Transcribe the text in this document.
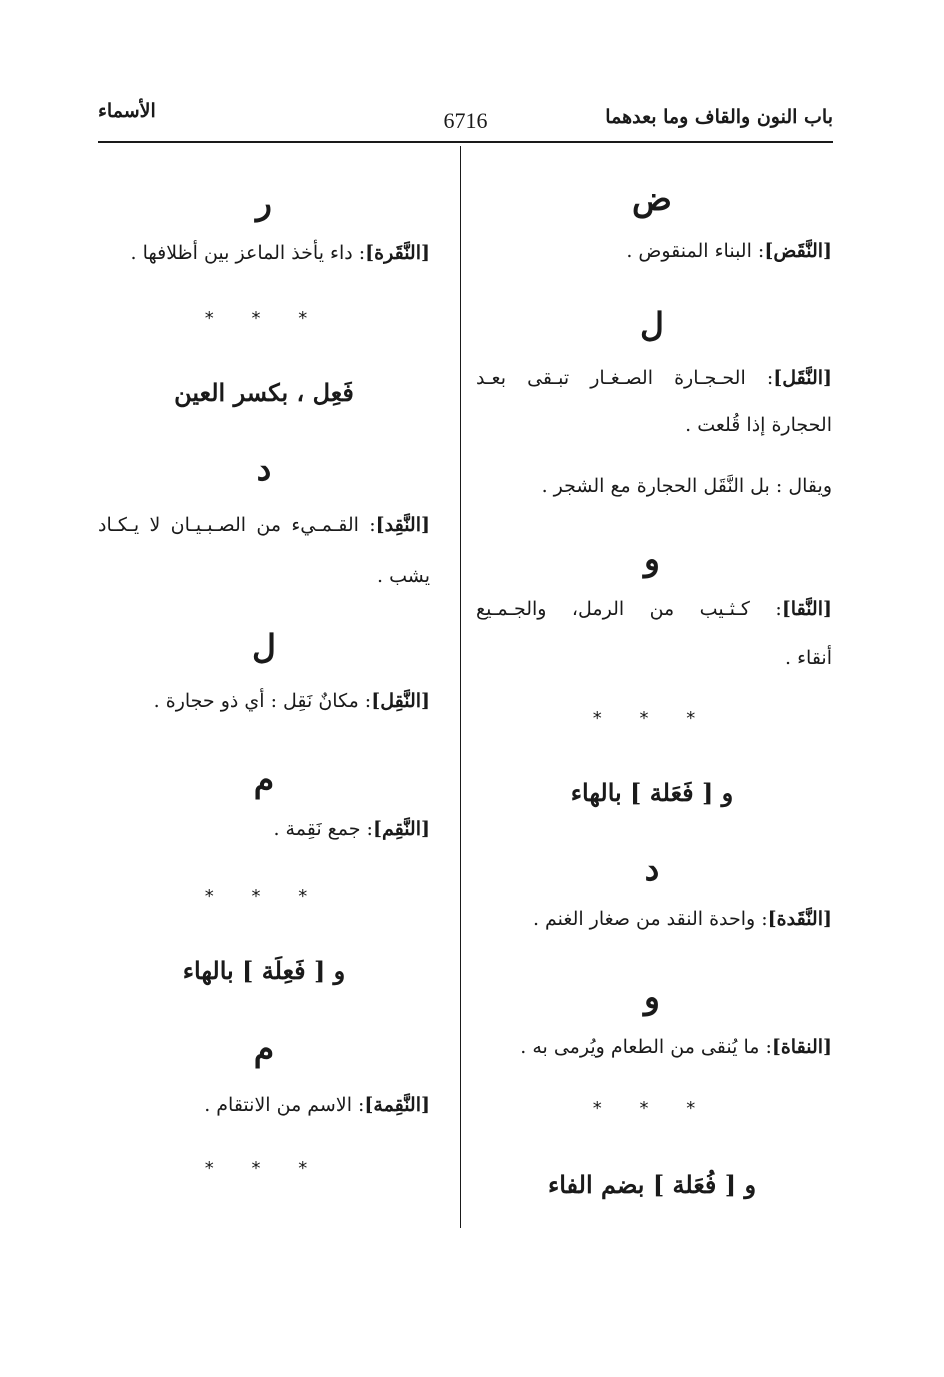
باب النون والقاف وما بعدهما
6716
الأسماء
ض
[النَّقَض]: البناء المنقوض .
ل
[النَّقَل]: الحـجـارة الصـغـار تبـقى بعـد
الحجارة إذا قُلعت .
ويقال : بل النَّقَل الحجارة مع الشجر .
و
[النَّقا]: كـثـيب من الرمل، والجـمـيع
أنقاء .
* * *
و [ فَعَلة ] بالهاء
د
[النَّقَدة]: واحدة النقد من صغار الغنم .
و
[النقاة]: ما يُنقى من الطعام ويُرمى به .
* * *
و [ فُعَلة ] بضم الفاء
ر
[النَّقَرة]: داء يأخذ الماعز بين أظلافها .
* * *
فَعِل ، بكسر العين
د
[النَّقِد]: القـمـيء من الصـبـيـان لا يـكـاد
يشب .
ل
[النَّقِل]: مكانٌ نَقِل : أي ذو حجارة .
م
[النَّقِم]: جمع نَقِمة .
* * *
و [ فَعِلَة ] بالهاء
م
[النَّقِمة]: الاسم من الانتقام .
* * *
